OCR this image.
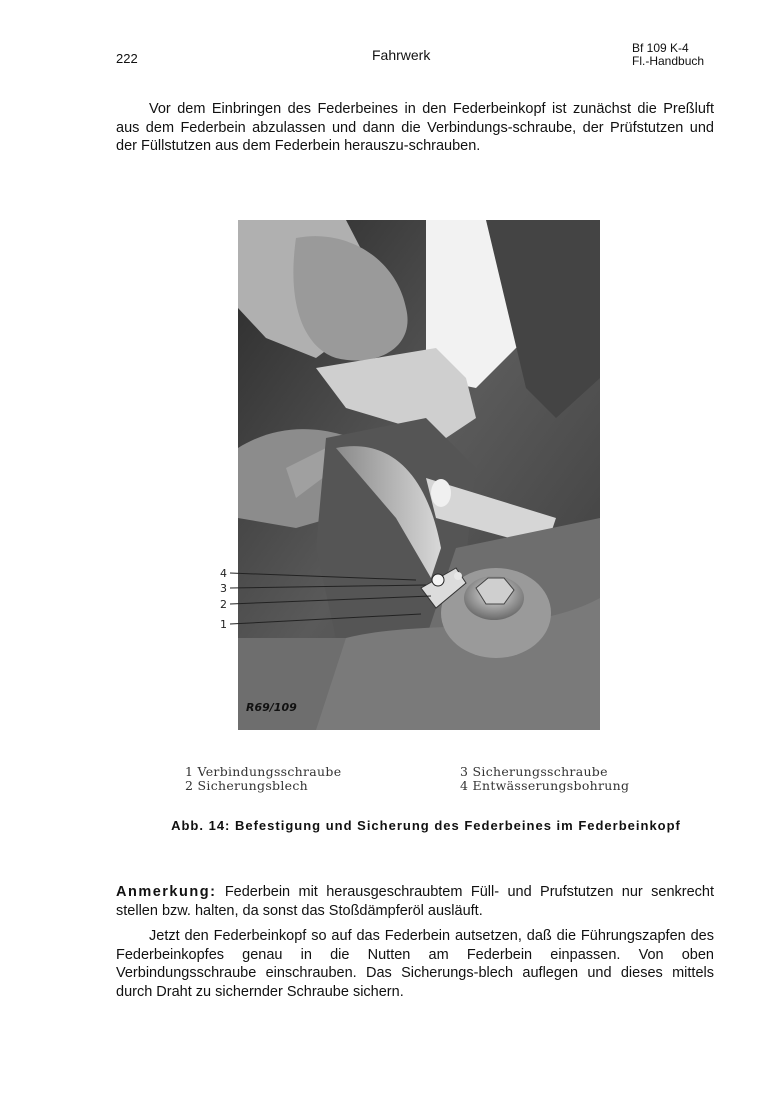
222	Fahrwerk	Bf 109 K-4
Fl.-Handbuch

Vor dem Einbringen des Federbeines in den Federbeinkopf ist zunächst die Preßluft aus dem Federbein abzulassen und dann die Verbindungs-schraube, der Prüfstutzen und der Füllstutzen aus dem Federbein herauszu-schrauben.

4
3
2
1
R69/109
1 Verbindungsschraube
2 Sicherungsblech
3 Sicherungsschraube
4 Entwässerungsbohrung
Abb. 14: Befestigung und Sicherung des Federbeines im Federbeinkopf

Anmerkung: Federbein mit herausgeschraubtem Füll- und Prufstutzen nur senkrecht stellen bzw. halten, da sonst das Stoßdämpferöl ausläuft.

Jetzt den Federbeinkopf so auf das Federbein autsetzen, daß die Führungszapfen des Federbeinkopfes genau in die Nutten am Federbein einpassen. Von oben Verbindungsschraube einschrauben. Das Sicherungs-blech auflegen und dieses mittels durch Draht zu sichernder Schraube sichern.
